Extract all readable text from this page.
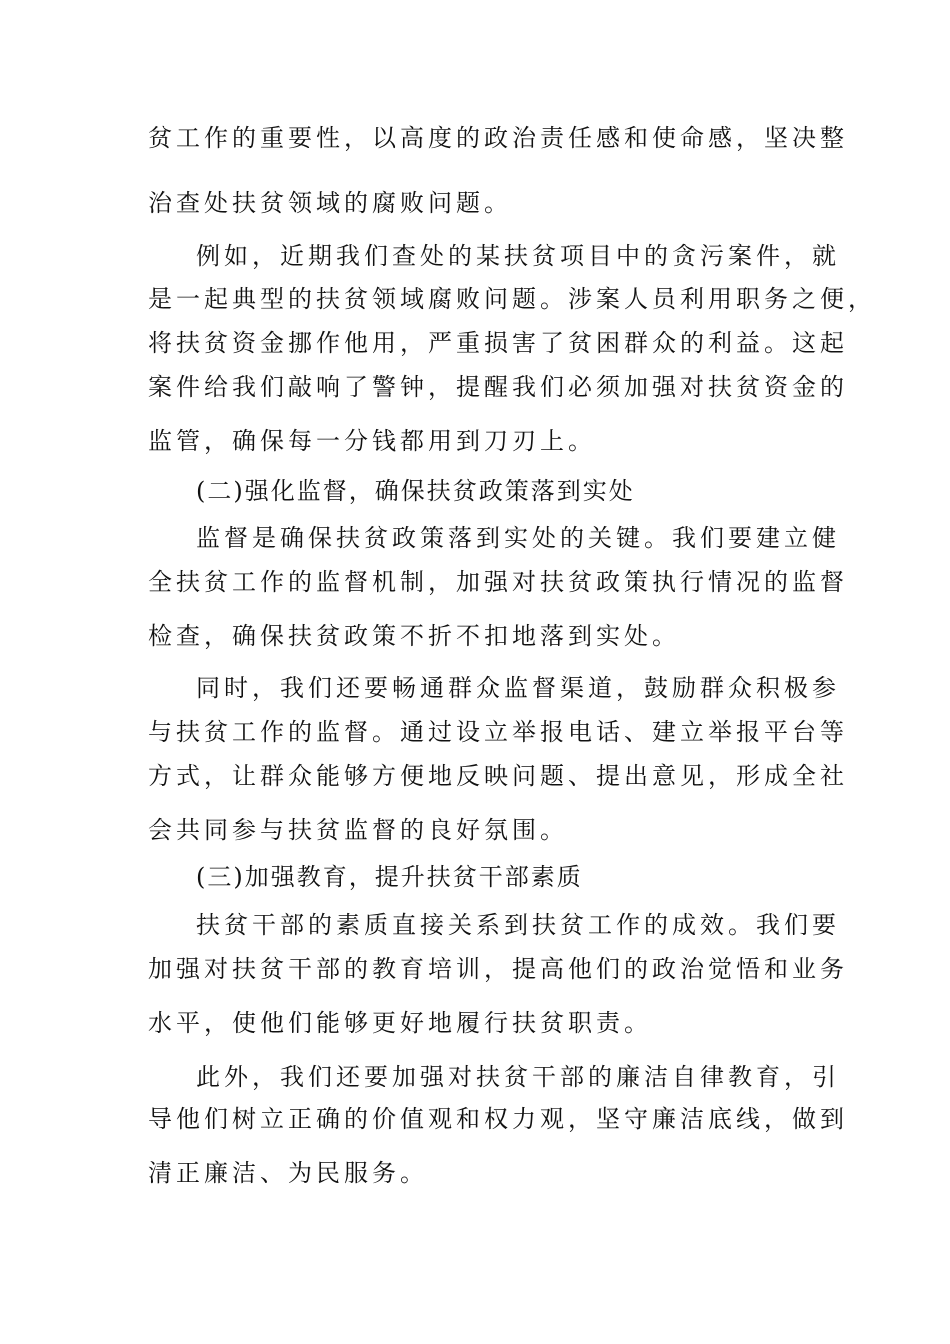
贫工作的重要性，以高度的政治责任感和使命感，坚决整
治查处扶贫领域的腐败问题。
例如，近期我们查处的某扶贫项目中的贪污案件，就
是一起典型的扶贫领域腐败问题。涉案人员利用职务之便，
将扶贫资金挪作他用，严重损害了贫困群众的利益。这起
案件给我们敲响了警钟，提醒我们必须加强对扶贫资金的
监管，确保每一分钱都用到刀刃上。
(二)强化监督，确保扶贫政策落到实处
监督是确保扶贫政策落到实处的关键。我们要建立健
全扶贫工作的监督机制，加强对扶贫政策执行情况的监督
检查，确保扶贫政策不折不扣地落到实处。
同时，我们还要畅通群众监督渠道，鼓励群众积极参
与扶贫工作的监督。通过设立举报电话、建立举报平台等
方式，让群众能够方便地反映问题、提出意见，形成全社
会共同参与扶贫监督的良好氛围。
(三)加强教育，提升扶贫干部素质
扶贫干部的素质直接关系到扶贫工作的成效。我们要
加强对扶贫干部的教育培训，提高他们的政治觉悟和业务
水平，使他们能够更好地履行扶贫职责。
此外，我们还要加强对扶贫干部的廉洁自律教育，引
导他们树立正确的价值观和权力观，坚守廉洁底线，做到
清正廉洁、为民服务。
